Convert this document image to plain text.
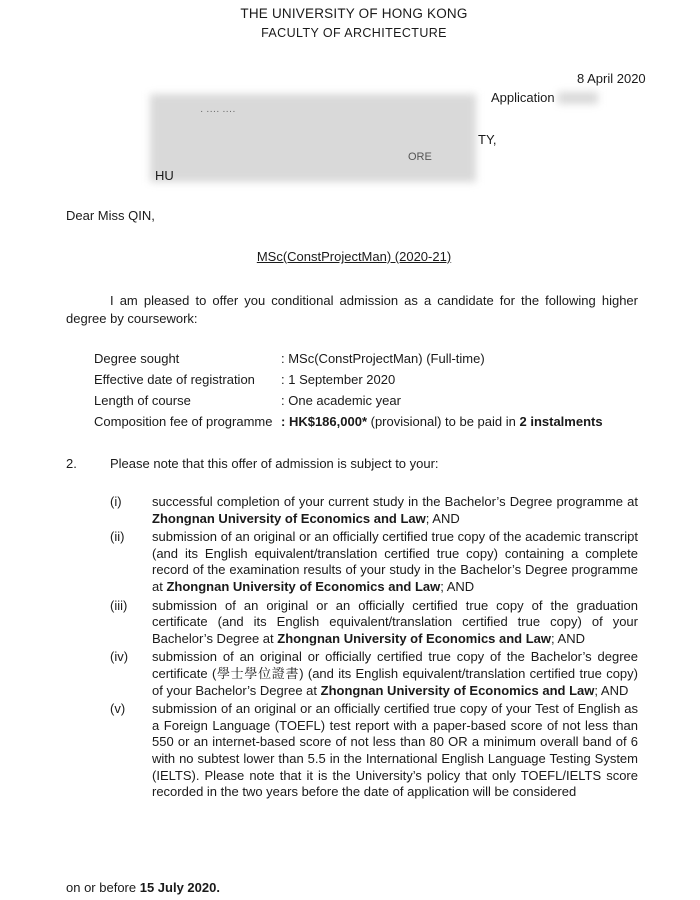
THE UNIVERSITY OF HONG KONG
FACULTY OF ARCHITECTURE
8 April 2020
Application
· ···· ····
TY,
ORE
HU
Dear Miss QIN,
MSc(ConstProjectMan) (2020-21)
I am pleased to offer you conditional admission as a candidate for the following higher degree by coursework:
Degree sought	: MSc(ConstProjectMan) (Full-time)
Effective date of registration : 1 September 2020
Length of course	: One academic year
Composition fee of programme : HK$186,000* (provisional) to be paid in 2 instalments
2.	Please note that this offer of admission is subject to your:
(i) successful completion of your current study in the Bachelor’s Degree programme at Zhongnan University of Economics and Law; AND
(ii) submission of an original or an officially certified true copy of the academic transcript (and its English equivalent/translation certified true copy) containing a complete record of the examination results of your study in the Bachelor’s Degree programme at Zhongnan University of Economics and Law; AND
(iii) submission of an original or an officially certified true copy of the graduation certificate (and its English equivalent/translation certified true copy) of your Bachelor’s Degree at Zhongnan University of Economics and Law; AND
(iv) submission of an original or officially certified true copy of the Bachelor’s degree certificate (學士學位證書) (and its English equivalent/translation certified true copy) of your Bachelor’s Degree at Zhongnan University of Economics and Law; AND
(v) submission of an original or an officially certified true copy of your Test of English as a Foreign Language (TOEFL) test report with a paper-based score of not less than 550 or an internet-based score of not less than 80 OR a minimum overall band of 6 with no subtest lower than 5.5 in the International English Language Testing System (IELTS). Please note that it is the University’s policy that only TOEFL/IELTS score recorded in the two years before the date of application will be considered
on or before 15 July 2020.
